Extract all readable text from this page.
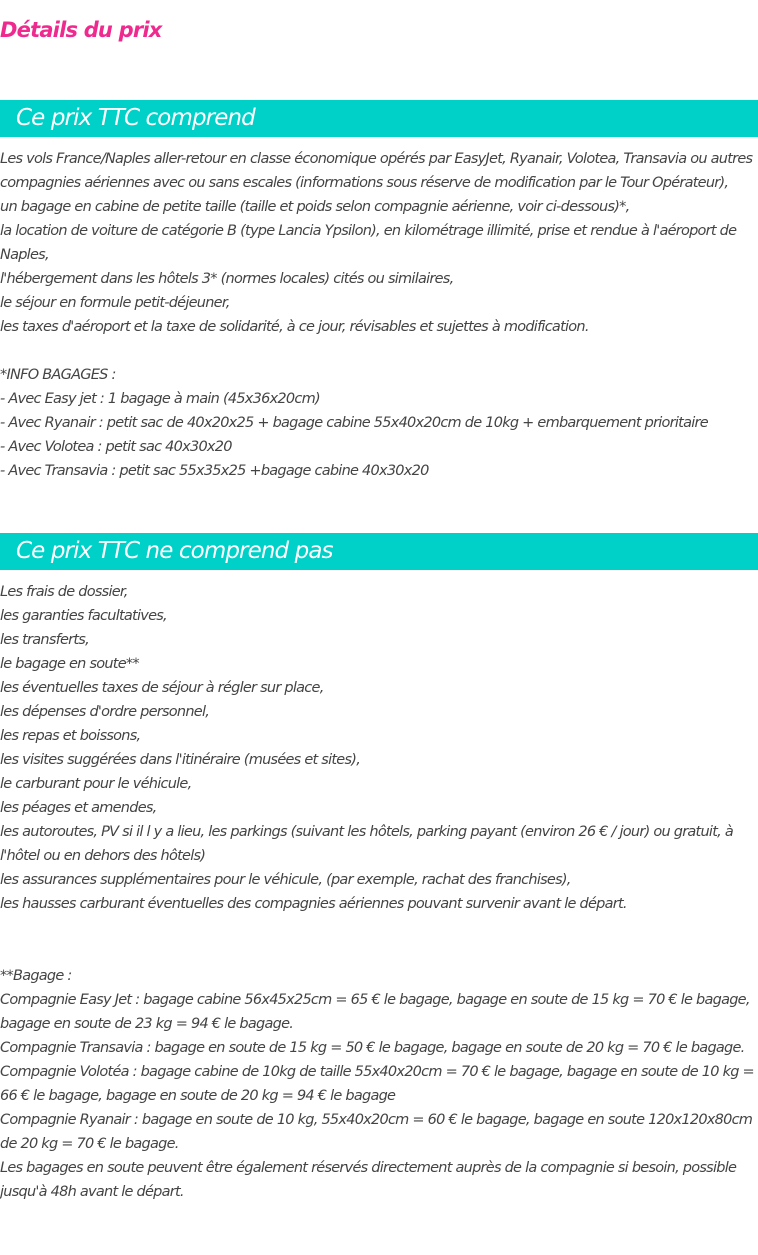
Détails du prix
Ce prix TTC comprend

Les vols France/Naples aller-retour en classe économique opérés par EasyJet, Ryanair, Volotea, Transavia ou autres compagnies aériennes avec ou sans escales (informations sous réserve de modification par le Tour Opérateur),

un bagage en cabine de petite taille (taille et poids selon compagnie aérienne, voir ci-dessous)*,

la location de voiture de catégorie B (type Lancia Ypsilon), en kilométrage illimité, prise et rendue à l'aéroport de Naples,

l'hébergement dans les hôtels 3* (normes locales) cités ou similaires,

le séjour en formule petit-déjeuner,

les taxes d'aéroport et la taxe de solidarité, à ce jour, révisables et sujettes à modification.

*INFO BAGAGES :

- Avec Easy jet : 1 bagage à main (45x36x20cm)

- Avec Ryanair : petit sac de 40x20x25 + bagage cabine 55x40x20cm de 10kg + embarquement prioritaire

- Avec Volotea : petit sac 40x30x20

- Avec Transavia : petit sac 55x35x25 +bagage cabine 40x30x20

Ce prix TTC ne comprend pas

Les frais de dossier,

les garanties facultatives,

les transferts,

le bagage en soute**

les éventuelles taxes de séjour à régler sur place,

les dépenses d'ordre personnel,

les repas et boissons,

les visites suggérées dans l'itinéraire (musées et sites),

le carburant pour le véhicule,

les péages et amendes,

les autoroutes, PV si il l y a lieu, les parkings (suivant les hôtels, parking payant (environ 26 € / jour) ou gratuit, à l'hôtel ou en dehors des hôtels)

les assurances supplémentaires pour le véhicule, (par exemple, rachat des franchises),

les hausses carburant éventuelles des compagnies aériennes pouvant survenir avant le départ.

**Bagage :

Compagnie Easy Jet : bagage cabine 56x45x25cm = 65 € le bagage, bagage en soute de 15 kg = 70 € le bagage, bagage en soute de 23 kg = 94 € le bagage.

Compagnie Transavia : bagage en soute de 15 kg = 50 € le bagage, bagage en soute de 20 kg = 70 € le bagage.

Compagnie Volotéa : bagage cabine de 10kg de taille 55x40x20cm = 70 € le bagage, bagage en soute de 10 kg = 66 € le bagage, bagage en soute de 20 kg = 94 € le bagage

Compagnie Ryanair : bagage en soute de 10 kg, 55x40x20cm = 60 € le bagage, bagage en soute 120x120x80cm de 20 kg = 70 € le bagage.

Les bagages en soute peuvent être également réservés directement auprès de la compagnie si besoin, possible jusqu'à 48h avant le départ.
